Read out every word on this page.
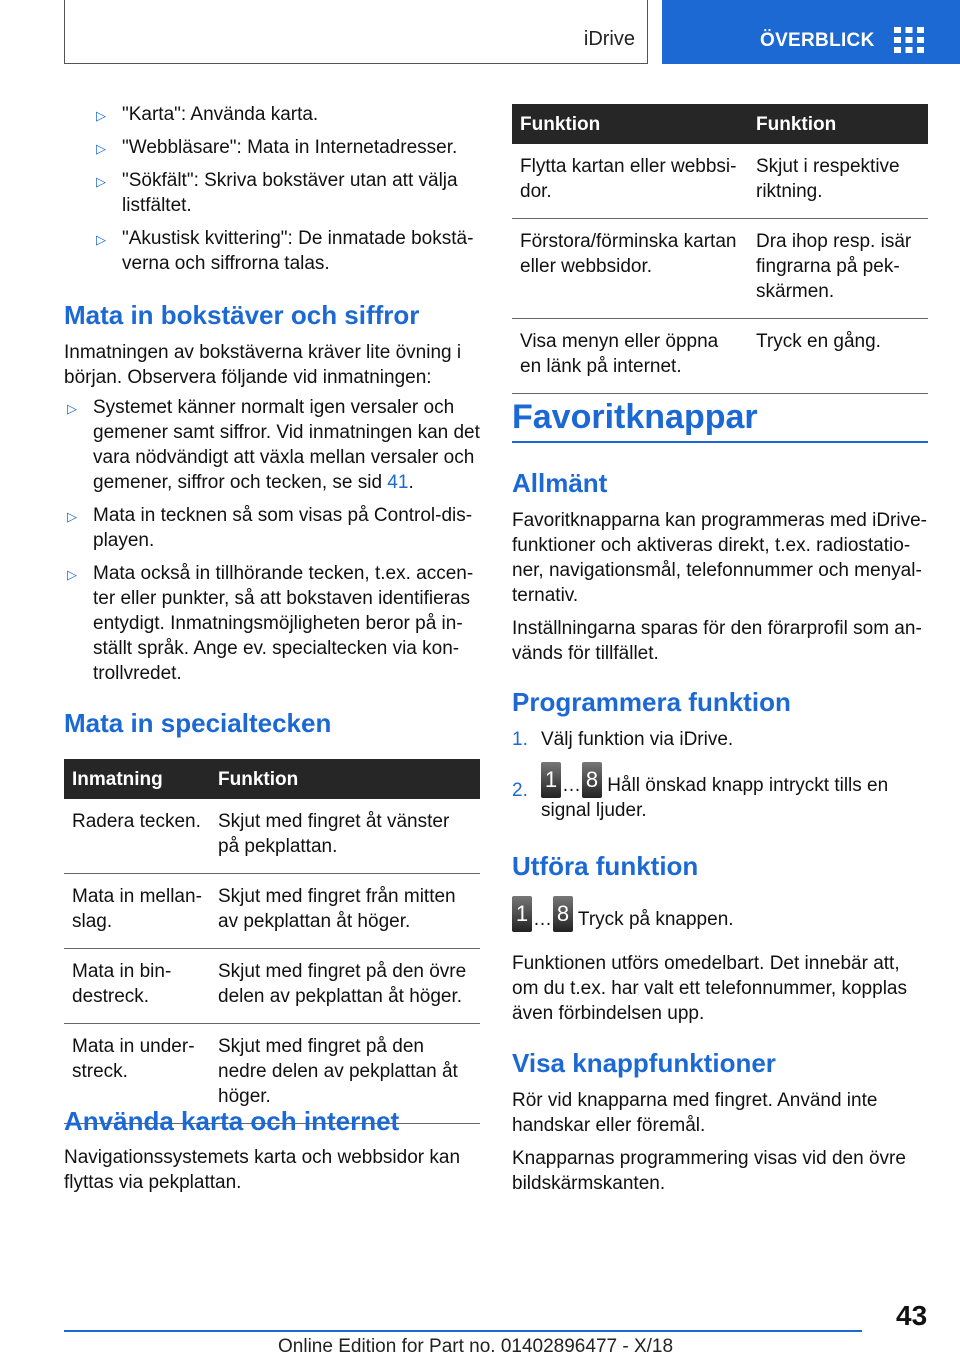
iDrive	ÖVERBLICK
▷ "Karta": Använda karta.
▷ "Webbläsare": Mata in Internetadresser.
▷ "Sökfält": Skriva bokstäver utan att välja listfältet.
▷ "Akustisk kvittering": De inmatade bokstäverna och siffrorna talas.
Mata in bokstäver och siffror
Inmatningen av bokstäverna kräver lite övning i början. Observera följande vid inmatningen:
▷ Systemet känner normalt igen versaler och gemener samt siffror. Vid inmatningen kan det vara nödvändigt att växla mellan versaler och gemener, siffror och tecken, se sid 41.
▷ Mata in tecknen så som visas på Control-displayen.
▷ Mata också in tillhörande tecken, t.ex. accenter eller punkter, så att bokstaven identifieras entydigt. Inmatningsmöjligheten beror på inställt språk. Ange ev. specialtecken via kontrollvredet.
Mata in specialtecken
Inmatning	Funktion
Radera tecken.	Skjut med fingret åt vänster på pekplattan.
Mata in mellanslag.	Skjut med fingret från mitten av pekplattan åt höger.
Mata in bindestreck.	Skjut med fingret på den övre delen av pekplattan åt höger.
Mata in understreck.	Skjut med fingret på den nedre delen av pekplattan åt höger.
Använda karta och internet
Navigationssystemets karta och webbsidor kan flyttas via pekplattan.
Funktion	Funktion
Flytta kartan eller webbsidor.	Skjut i respektive riktning.
Förstora/förminska kartan eller webbsidor.	Dra ihop resp. isär fingrarna på pekskärmen.
Visa menyn eller öppna en länk på internet.	Tryck en gång.
Favoritknappar
Allmänt
Favoritknapparna kan programmeras med iDrive-funktioner och aktiveras direkt, t.ex. radiostationer, navigationsmål, telefonnummer och menyalternativ.
Inställningarna sparas för den förarprofil som används för tillfället.
Programmera funktion
1. Välj funktion via iDrive.
2. 1 … 8 Håll önskad knapp intryckt tills en signal ljuder.
Utföra funktion
1 … 8 Tryck på knappen.
Funktionen utförs omedelbart. Det innebär att, om du t.ex. har valt ett telefonnummer, kopplas även förbindelsen upp.
Visa knappfunktioner
Rör vid knapparna med fingret. Använd inte handskar eller föremål.
Knapparnas programmering visas vid den övre bildskärmskanten.
43
Online Edition for Part no. 01402896477 - X/18
